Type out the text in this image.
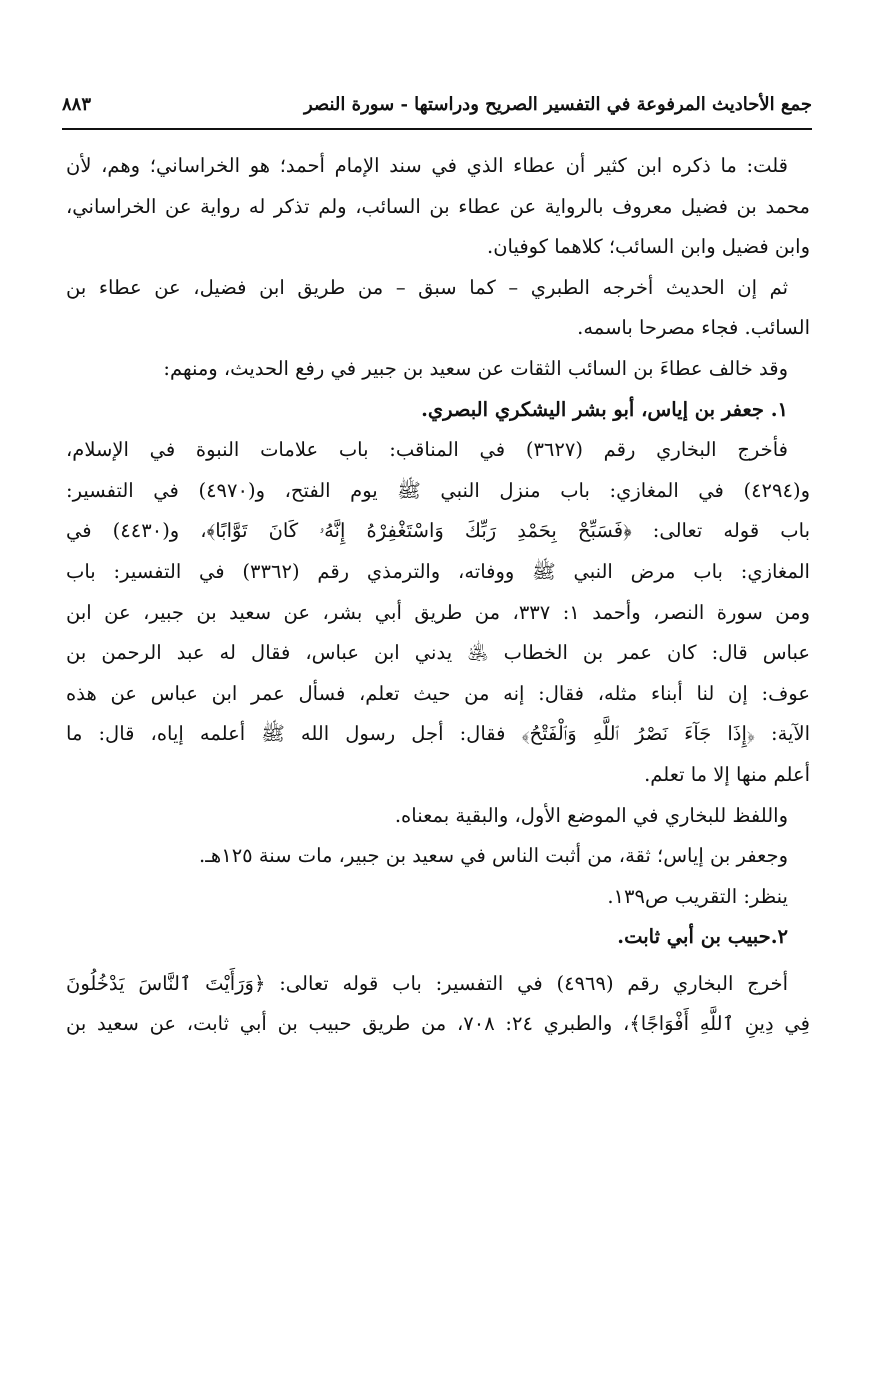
جمع الأحاديث المرفوعة في التفسير الصريح ودراستها - سورة النصر
٨٨٣
قلت: ما ذكره ابن كثير أن عطاء الذي في سند الإمام أحمد؛ هو الخراساني؛ وهم، لأن
محمد بن فضيل معروف بالرواية عن عطاء بن السائب، ولم تذكر له رواية عن الخراساني،
وابن فضيل وابن السائب؛ كلاهما كوفيان.
ثم إن الحديث أخرجه الطبري – كما سبق – من طريق ابن فضيل، عن عطاء بن
السائب. فجاء مصرحا باسمه.
وقد خالف عطاءَ بن السائب الثقات عن سعيد بن جبير في رفع الحديث، ومنهم:
١. جعفر بن إياس، أبو بشر اليشكري البصري.
فأخرج البخاري رقم (٣٦٢٧) في المناقب: باب علامات النبوة في الإسلام،
و(٤٢٩٤) في المغازي: باب منزل النبي ﷺ يوم الفتح، و(٤٩٧٠) في التفسير:
باب قوله تعالى: ﴿فَسَبِّحْ بِحَمْدِ رَبِّكَ وَاسْتَغْفِرْهُ إِنَّهُۥ كَانَ تَوَّابًا﴾، و(٤٤٣٠) في
المغازي: باب مرض النبي ﷺ ووفاته، والترمذي رقم (٣٣٦٢) في التفسير: باب
ومن سورة النصر، وأحمد ١: ٣٣٧، من طريق أبي بشر، عن سعيد بن جبير، عن ابن
عباس قال: كان عمر بن الخطاب ﵁ يدني ابن عباس، فقال له عبد الرحمن بن
عوف: إن لنا أبناء مثله، فقال: إنه من حيث تعلم، فسأل عمر ابن عباس عن هذه
الآية: ﴿إِذَا جَآءَ نَصْرُ ٱللَّهِ وَٱلْفَتْحُ﴾ فقال: أجل رسول الله ﷺ أعلمه إياه، قال: ما
أعلم منها إلا ما تعلم.
واللفظ للبخاري في الموضع الأول، والبقية بمعناه.
وجعفر بن إياس؛ ثقة، من أثبت الناس في سعيد بن جبير، مات سنة ١٢٥هـ.
ينظر: التقريب ص١٣٩.
٢.حبيب بن أبي ثابت.
أخرج البخاري رقم (٤٩٦٩) في التفسير: باب قوله تعالى: ﴿وَرَأَيْتَ ٱلنَّاسَ يَدْخُلُونَ
فِي دِينِ ٱللَّهِ أَفْوَاجًا﴾، والطبري ٢٤: ٧٠٨، من طريق حبيب بن أبي ثابت، عن سعيد بن
